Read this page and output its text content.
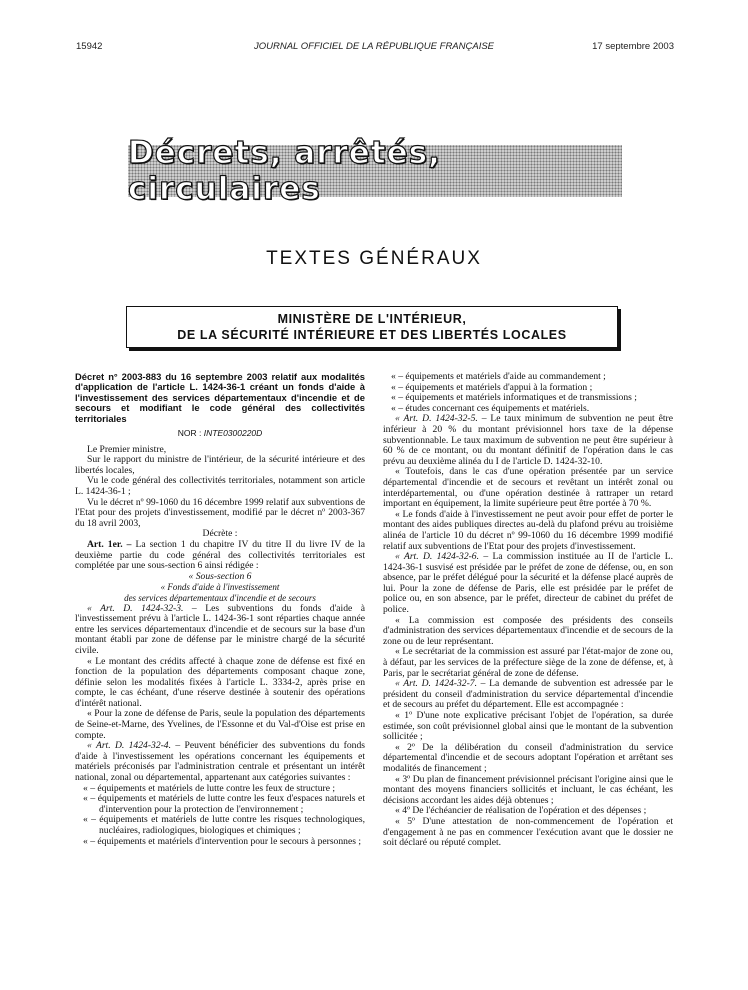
15942	JOURNAL OFFICIEL DE LA RÉPUBLIQUE FRANÇAISE	17 septembre 2003
Décrets, arrêtés, circulaires
TEXTES GÉNÉRAUX
MINISTÈRE DE L'INTÉRIEUR,
DE LA SÉCURITÉ INTÉRIEURE ET DES LIBERTÉS LOCALES
Décret n° 2003-883 du 16 septembre 2003 relatif aux modalités d'application de l'article L. 1424-36-1 créant un fonds d'aide à l'investissement des services départementaux d'incendie et de secours et modifiant le code général des collectivités territoriales
NOR : INTE0300220D

Le Premier ministre,

Sur le rapport du ministre de l'intérieur, de la sécurité intérieure et des libertés locales,

Vu le code général des collectivités territoriales, notamment son article L. 1424-36-1 ;

Vu le décret nº 99-1060 du 16 décembre 1999 relatif aux subventions de l'Etat pour des projets d'investissement, modifié par le décret nº 2003-367 du 18 avril 2003,

Décrète :

Art. 1er. – La section 1 du chapitre IV du titre II du livre IV de la deuxième partie du code général des collectivités territoriales est complétée par une sous-section 6 ainsi rédigée :

« Sous-section 6

« Fonds d'aide à l'investissement

des services départementaux d'incendie et de secours

« Art. D. 1424-32-3. – Les subventions du fonds d'aide à l'investissement prévu à l'article L. 1424-36-1 sont réparties chaque année entre les services départementaux d'incendie et de secours sur la base d'un montant établi par zone de défense par le ministre chargé de la sécurité civile.

« Le montant des crédits affecté à chaque zone de défense est fixé en fonction de la population des départements composant chaque zone, définie selon les modalités fixées à l'article L. 3334-2, après prise en compte, le cas échéant, d'une réserve destinée à soutenir des opérations d'intérêt national.

« Pour la zone de défense de Paris, seule la population des départements de Seine-et-Marne, des Yvelines, de l'Essonne et du Val-d'Oise est prise en compte.

« Art. D. 1424-32-4. – Peuvent bénéficier des subventions du fonds d'aide à l'investissement les opérations concernant les équipements et matériels préconisés par l'administration centrale et présentant un intérêt national, zonal ou départemental, appartenant aux catégories suivantes :

« – équipements et matériels de lutte contre les feux de structure ;

« – équipements et matériels de lutte contre les feux d'espaces naturels et d'intervention pour la protection de l'environnement ;

« – équipements et matériels de lutte contre les risques technologiques, nucléaires, radiologiques, biologiques et chimiques ;

« – équipements et matériels d'intervention pour le secours à personnes ;

« – équipements et matériels d'aide au commandement ;

« – équipements et matériels d'appui à la formation ;

« – équipements et matériels informatiques et de transmissions ;

« – études concernant ces équipements et matériels.

« Art. D. 1424-32-5. – Le taux minimum de subvention ne peut être inférieur à 20 % du montant prévisionnel hors taxe de la dépense subventionnable. Le taux maximum de subvention ne peut être supérieur à 60 % de ce montant, ou du montant définitif de l'opération dans le cas prévu au deuxième alinéa du I de l'article D. 1424-32-10.

« Toutefois, dans le cas d'une opération présentée par un service départemental d'incendie et de secours et revêtant un intérêt zonal ou interdépartemental, ou d'une opération destinée à rattraper un retard important en équipement, la limite supérieure peut être portée à 70 %.

« Le fonds d'aide à l'investissement ne peut avoir pour effet de porter le montant des aides publiques directes au-delà du plafond prévu au troisième alinéa de l'article 10 du décret nº 99-1060 du 16 décembre 1999 modifié relatif aux subventions de l'Etat pour des projets d'investissement.

« Art. D. 1424-32-6. – La commission instituée au II de l'article L. 1424-36-1 susvisé est présidée par le préfet de zone de défense, ou, en son absence, par le préfet délégué pour la sécurité et la défense placé auprès de lui. Pour la zone de défense de Paris, elle est présidée par le préfet de police ou, en son absence, par le préfet, directeur de cabinet du préfet de police.

« La commission est composée des présidents des conseils d'administration des services départementaux d'incendie et de secours de la zone ou de leur représentant.

« Le secrétariat de la commission est assuré par l'état-major de zone ou, à défaut, par les services de la préfecture siège de la zone de défense, et, à Paris, par le secrétariat général de zone de défense.

« Art. D. 1424-32-7. – La demande de subvention est adressée par le président du conseil d'administration du service départemental d'incendie et de secours au préfet du département. Elle est accompagnée :

« 1º D'une note explicative précisant l'objet de l'opération, sa durée estimée, son coût prévisionnel global ainsi que le montant de la subvention sollicitée ;

« 2º De la délibération du conseil d'administration du service départemental d'incendie et de secours adoptant l'opération et arrêtant ses modalités de financement ;

« 3º Du plan de financement prévisionnel précisant l'origine ainsi que le montant des moyens financiers sollicités et incluant, le cas échéant, les décisions accordant les aides déjà obtenues ;

« 4º De l'échéancier de réalisation de l'opération et des dépenses ;

« 5º D'une attestation de non-commencement de l'opération et d'engagement à ne pas en commencer l'exécution avant que le dossier ne soit déclaré ou réputé complet.
